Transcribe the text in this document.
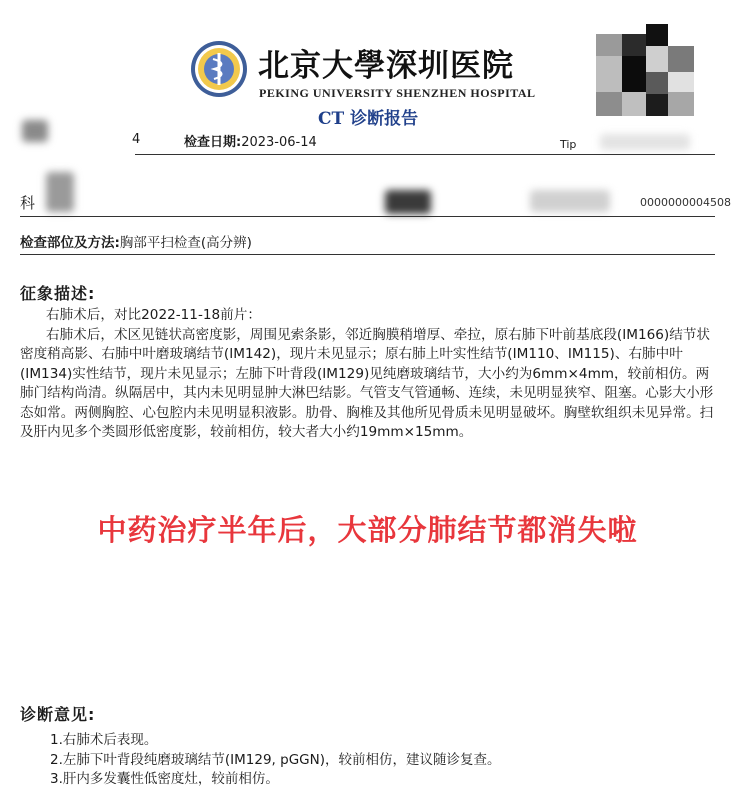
北京大學深圳医院
PEKING UNIVERSITY SHENZHEN HOSPITAL
CT 诊断报告
4	检查日期:2023-06-14	Tip
科	0000000004508
检查部位及方法:胸部平扫检查(高分辨)
征象描述:

右肺术后，对比2022-11-18前片：

右肺术后，术区见链状高密度影，周围见索条影，邻近胸膜稍增厚、牵拉，原右肺下叶前基底段(IM166)结节状密度稍高影、右肺中叶磨玻璃结节(IM142)，现片未见显示；原右肺上叶实性结节(IM110、IM115)、右肺中叶(IM134)实性结节，现片未见显示；左肺下叶背段(IM129)见纯磨玻璃结节，大小约为6mm×4mm，较前相仿。两肺门结构尚清。纵隔居中，其内未见明显肿大淋巴结影。气管支气管通畅、连续，未见明显狭窄、阻塞。心影大小形态如常。两侧胸腔、心包腔内未见明显积液影。肋骨、胸椎及其他所见骨质未见明显破坏。胸壁软组织未见异常。扫及肝内见多个类圆形低密度影，较前相仿，较大者大小约19mm×15mm。

中药治疗半年后，大部分肺结节都消失啦
诊断意见:
1.右肺术后表现。
2.左肺下叶背段纯磨玻璃结节(IM129, pGGN)，较前相仿，建议随诊复查。
3.肝内多发囊性低密度灶，较前相仿。
